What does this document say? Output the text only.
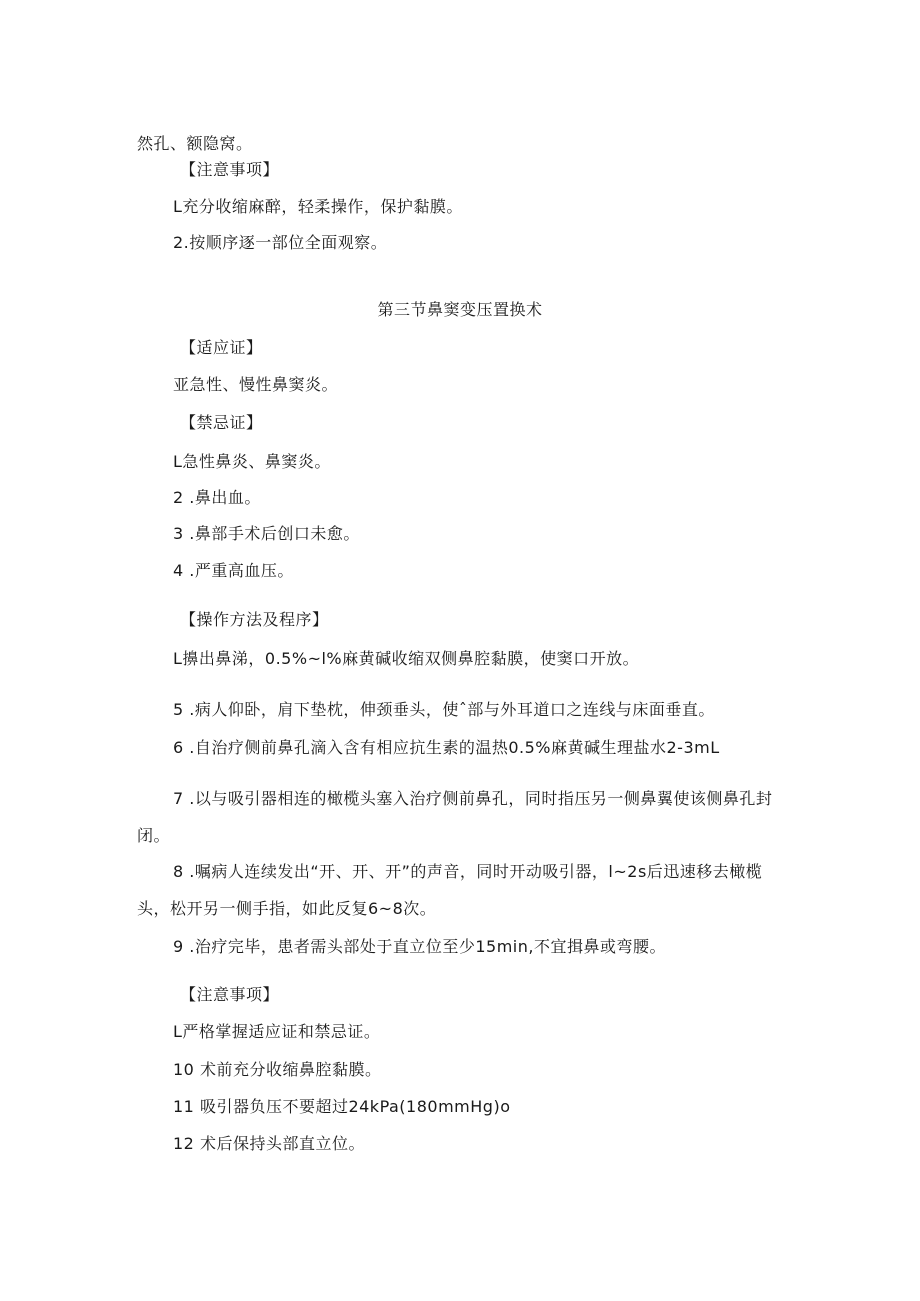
然孔、额隐窝。
【注意事项】
L充分收缩麻醉，轻柔操作，保护黏膜。
2.按顺序逐一部位全面观察。
第三节鼻窦变压置换术
【适应证】
亚急性、慢性鼻窦炎。
【禁忌证】
L急性鼻炎、鼻窦炎。
2 .鼻出血。
3 .鼻部手术后创口未愈。
4 .严重高血压。
【操作方法及程序】
L擤出鼻涕，0.5%~l%麻黄碱收缩双侧鼻腔黏膜，使窦口开放。
5 .病人仰卧，肩下垫枕，伸颈垂头，使ˆ部与外耳道口之连线与床面垂直。
6 .自治疗侧前鼻孔滴入含有相应抗生素的温热0.5%麻黄碱生理盐水2-3mL
7 .以与吸引器相连的橄榄头塞入治疗侧前鼻孔，同时指压另一侧鼻翼使该侧鼻孔封闭。
8 .嘱病人连续发出“开、开、开”的声音，同时开动吸引器，l~2s后迅速移去橄榄头，松开另一侧手指，如此反复6~8次。
9 .治疗完毕，患者需头部处于直立位至少15min,不宜揖鼻或弯腰。
【注意事项】
L严格掌握适应证和禁忌证。
10 术前充分收缩鼻腔黏膜。
11 吸引器负压不要超过24kPa(180mmHg)o
12 术后保持头部直立位。
